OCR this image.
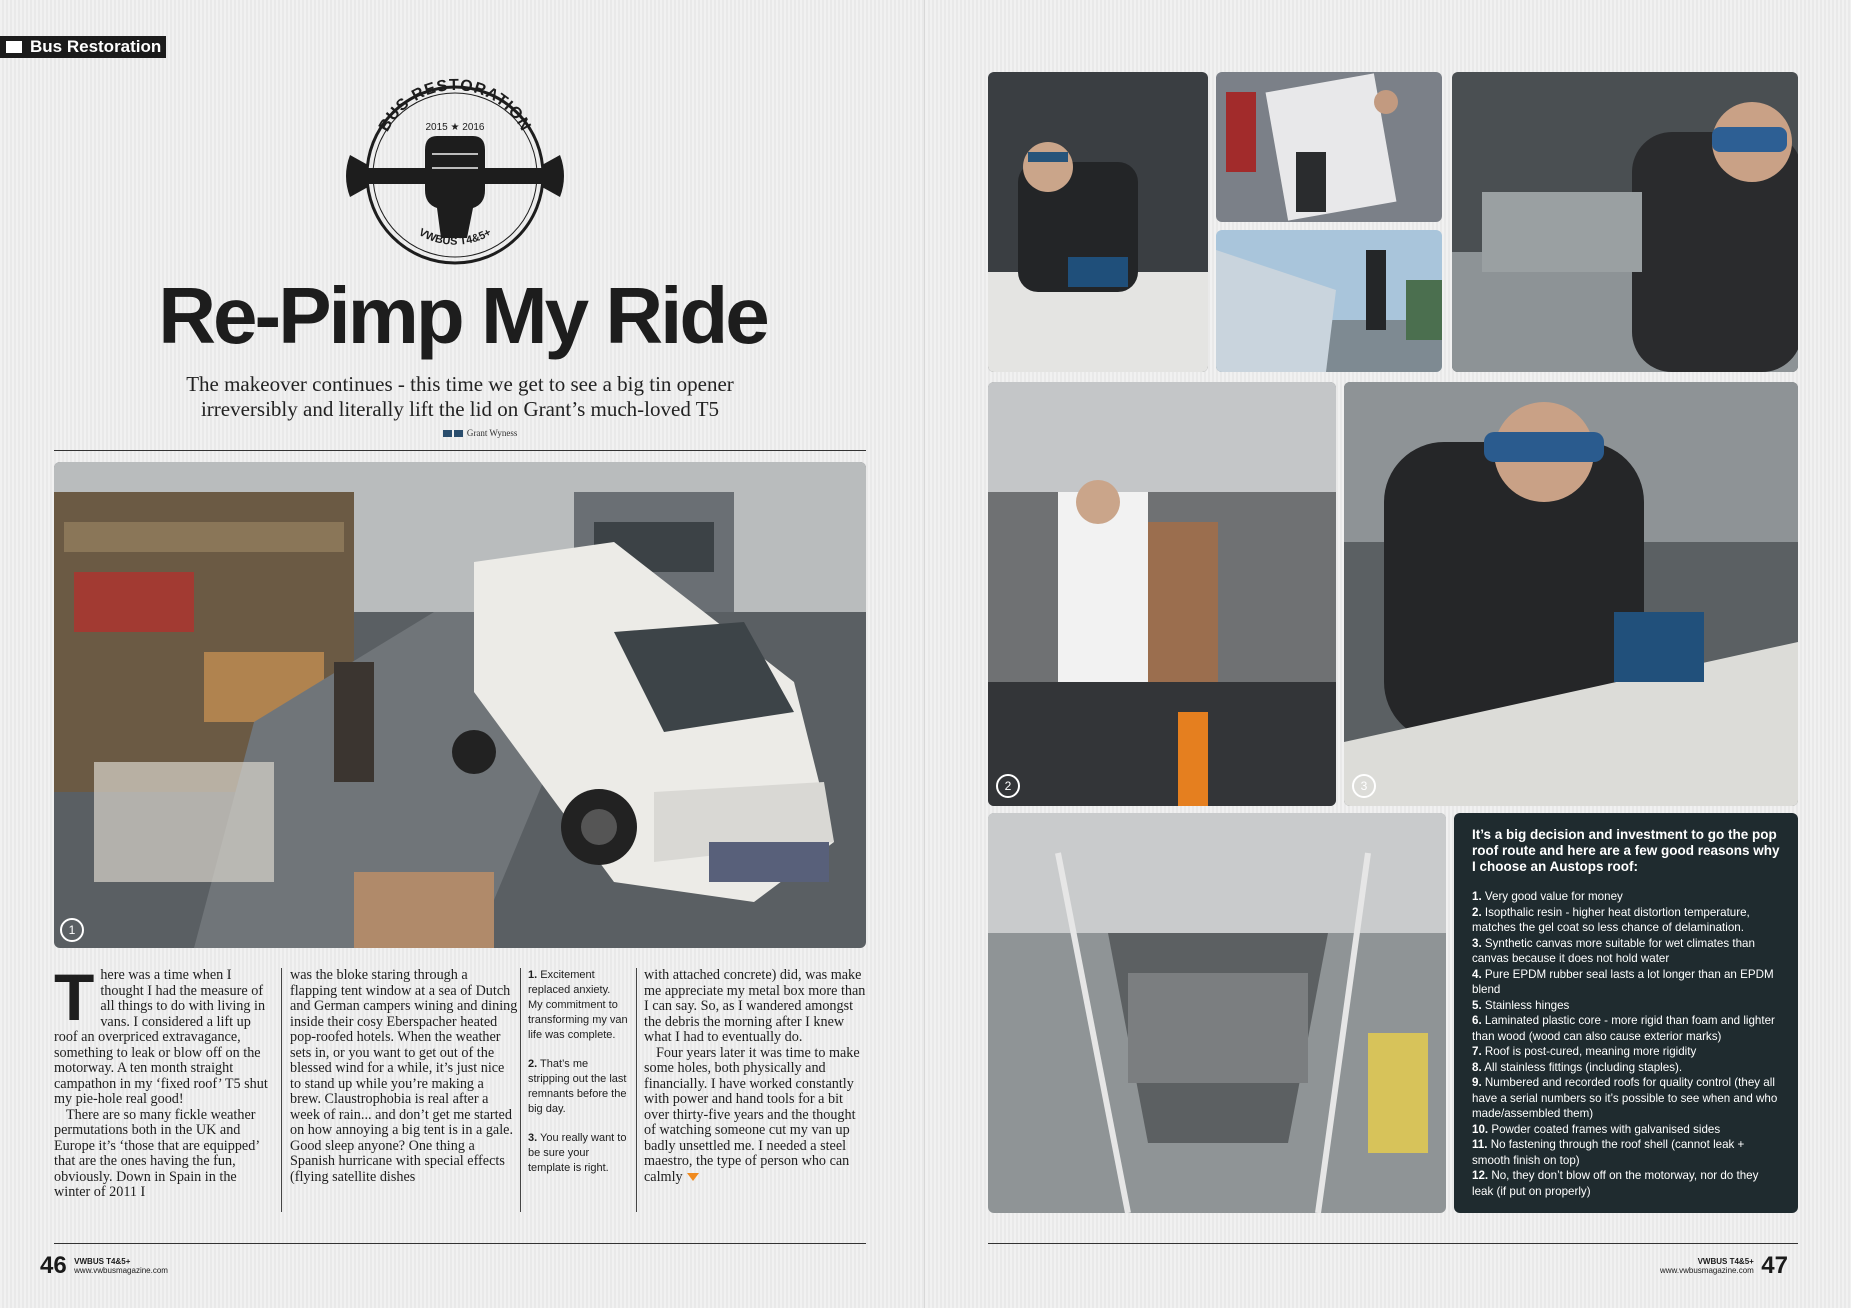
Bus Restoration
BUS RESTORATION
2015 ★ 2016
VWBUS T4&5+
Re-Pimp My Ride
The makeover continues - this time we get to see a big tin opener
irreversibly and literally lift the lid on Grant’s much-loved T5
Grant Wyness
1

There was a time when I thought I had the measure of all things to do with living in vans. I considered a lift up roof an overpriced extravagance, something to leak or blow off on the motorway. A ten month straight campathon in my ‘fixed roof’ T5 shut my pie-hole real good!

There are so many fickle weather permutations both in the UK and Europe it’s ‘those that are equipped’ that are the ones having the fun, obviously. Down in Spain in the winter of 2011 I

was the bloke staring through a flapping tent window at a sea of Dutch and German campers wining and dining inside their cosy Eberspacher heated pop-roofed hotels. When the weather sets in, or you want to get out of the blessed wind for a while, it’s just nice to stand up while you’re making a brew. Claustrophobia is real after a week of rain... and don’t get me started on how annoying a big tent is in a gale. Good sleep anyone? One thing a Spanish hurricane with special effects (flying satellite dishes

1. Excitement replaced anxiety. My commitment to transforming my van life was complete.

2. That’s me stripping out the last remnants before the big day.

3. You really want to be sure your template is right.

with attached concrete) did, was make me appreciate my metal box more than I can say. So, as I wandered amongst the debris the morning after I knew what I had to eventually do.

Four years later it was time to make some holes, both physically and financially. I have worked constantly with power and hand tools for a bit over thirty-five years and the thought of watching someone cut my van up badly unsettled me. I needed a steel maestro, the type of person who can calmly

46 VWBUS T4&5+
www.vwbusmagazine.com
2	3
It’s a big decision and investment to go the pop roof route and here are a few good reasons why I choose an Austops roof:
1. Very good value for money
2. Isopthalic resin - higher heat distortion temperature, matches the gel coat so less chance of delamination.
3. Synthetic canvas more suitable for wet climates than canvas because it does not hold water
4. Pure EPDM rubber seal lasts a lot longer than an EPDM blend
5. Stainless hinges
6. Laminated plastic core - more rigid than foam and lighter than wood (wood can also cause exterior marks)
7. Roof is post-cured, meaning more rigidity
8. All stainless fittings (including staples).
9. Numbered and recorded roofs for quality control (they all have a serial numbers so it’s possible to see when and who made/assembled them)
10. Powder coated frames with galvanised sides
11. No fastening through the roof shell (cannot leak + smooth finish on top)
12. No, they don’t blow off on the motorway, nor do they leak (if put on properly)
VWBUS T4&5+
www.vwbusmagazine.com 47
